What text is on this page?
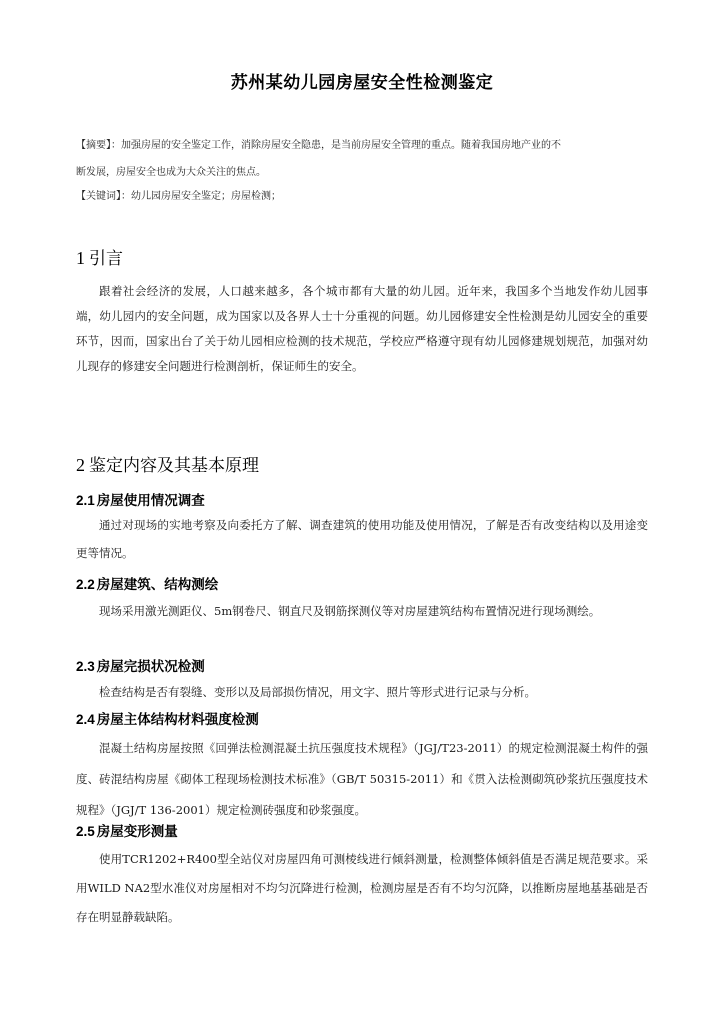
苏州某幼儿园房屋安全性检测鉴定

【摘要】：加强房屋的安全鉴定工作，消除房屋安全隐患，是当前房屋安全管理的重点。随着我国房地产业的不

断发展，房屋安全也成为大众关注的焦点。

【关键词】：幼儿园房屋安全鉴定；房屋检测；
1 引言

跟着社会经济的发展，人口越来越多，各个城市都有大量的幼儿园。近年来，我国多个当地发作幼儿园事端，幼儿园内的安全问题，成为国家以及各界人士十分重视的问题。幼儿园修建安全性检测是幼儿园安全的重要环节，因而，国家出台了关于幼儿园相应检测的技术规范，学校应严格遵守现有幼儿园修建规划规范，加强对幼儿现存的修建安全问题进行检测剖析，保证师生的安全。

2 鉴定内容及其基本原理
2.1 房屋使用情况调查

通过对现场的实地考察及向委托方了解、调查建筑的使用功能及使用情况，了解是否有改变结构以及用途变更等情况。

2.2 房屋建筑、结构测绘

现场采用激光测距仪、5m钢卷尺、钢直尺及钢筋探测仪等对房屋建筑结构布置情况进行现场测绘。

2.3 房屋完损状况检测

检查结构是否有裂缝、变形以及局部损伤情况，用文字、照片等形式进行记录与分析。

2.4 房屋主体结构材料强度检测

混凝土结构房屋按照《回弹法检测混凝土抗压强度技术规程》（JGJ/T23-2011）的规定检测混凝土构件的强度、砖混结构房屋《砌体工程现场检测技术标准》（GB/T 50315-2011）和《贯入法检测砌筑砂浆抗压强度技术规程》（JGJ/T 136-2001）规定检测砖强度和砂浆强度。

2.5 房屋变形测量

使用TCR1202+R400型全站仪对房屋四角可测棱线进行倾斜测量，检测整体倾斜值是否满足规范要求。采用WILD NA2型水准仪对房屋相对不均匀沉降进行检测，检测房屋是否有不均匀沉降，以推断房屋地基基础是否存在明显静载缺陷。
